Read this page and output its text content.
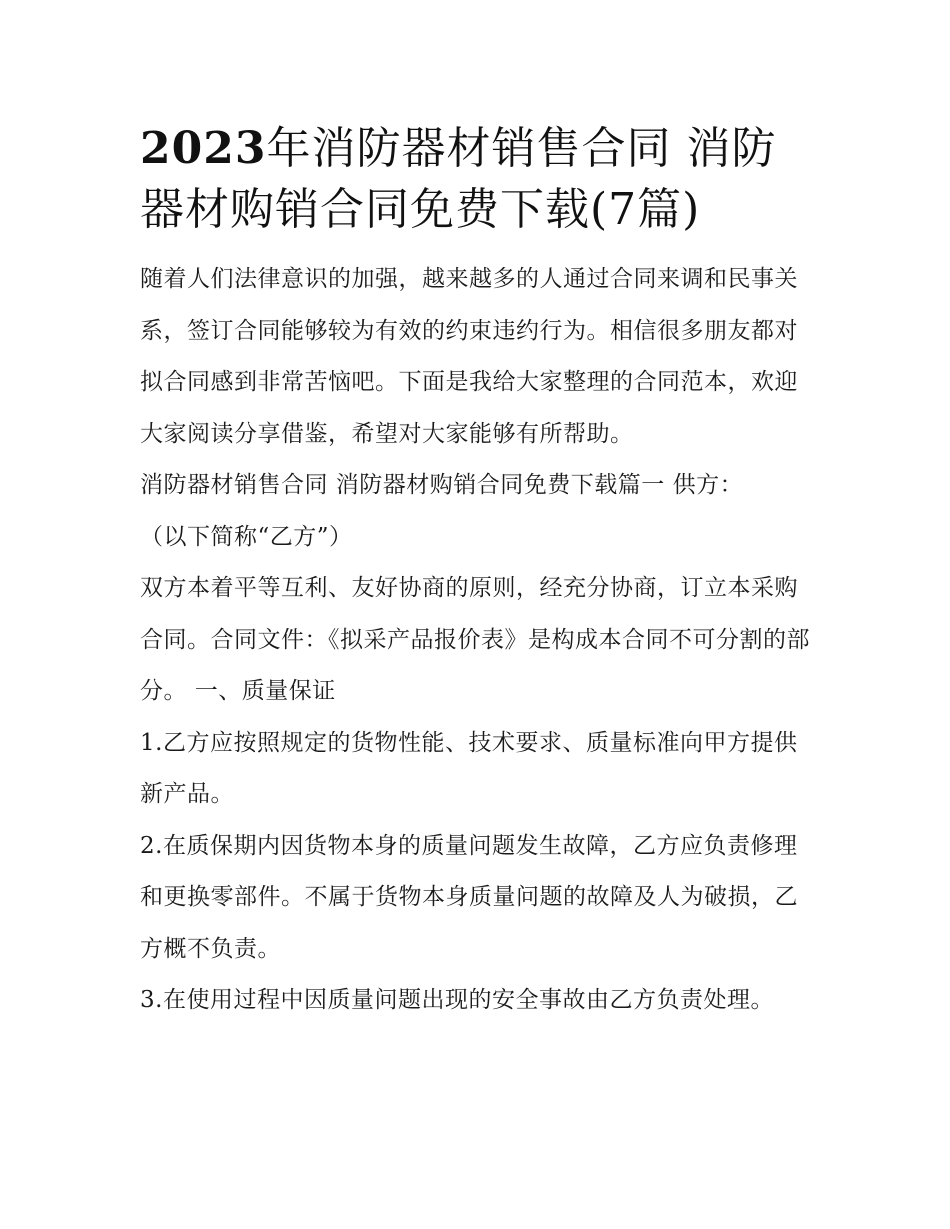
2023年消防器材销售合同 消防器材购销合同免费下载(7篇)

随着人们法律意识的加强，越来越多的人通过合同来调和民事关系，签订合同能够较为有效的约束违约行为。相信很多朋友都对拟合同感到非常苦恼吧。下面是我给大家整理的合同范本，欢迎大家阅读分享借鉴，希望对大家能够有所帮助。

消防器材销售合同 消防器材购销合同免费下载篇一 供方：

（以下简称“乙方”）

双方本着平等互利、友好协商的原则，经充分协商，订立本采购合同。合同文件：《拟采产品报价表》是构成本合同不可分割的部分。 一、质量保证

1.乙方应按照规定的货物性能、技术要求、质量标准向甲方提供新产品。

2.在质保期内因货物本身的质量问题发生故障，乙方应负责修理和更换零部件。不属于货物本身质量问题的故障及人为破损，乙方概不负责。

3.在使用过程中因质量问题出现的安全事故由乙方负责处理。
